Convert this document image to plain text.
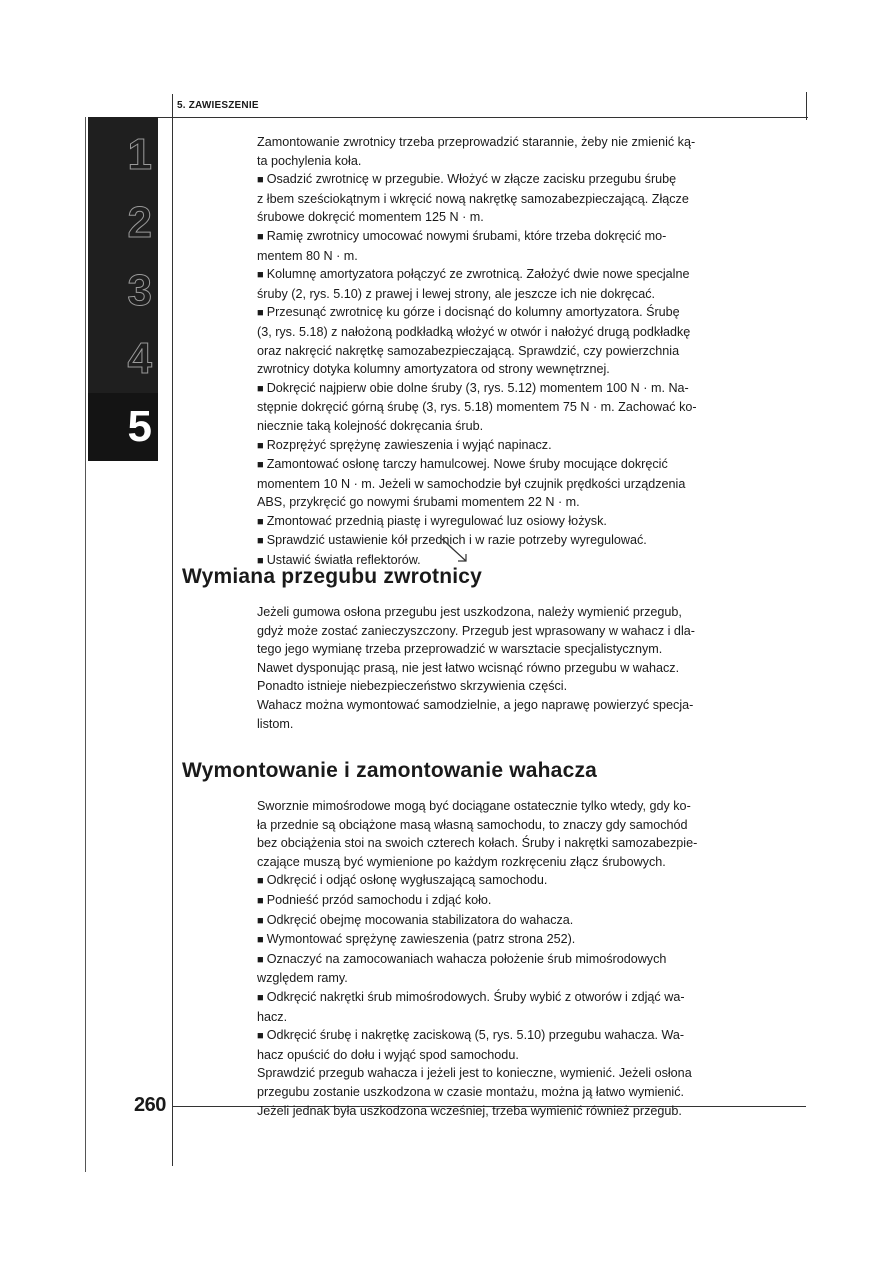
5. ZAWIESZENIE
1
2
3
4
5

Zamontowanie zwrotnicy trzeba przeprowadzić starannie, żeby nie zmienić ką-

ta pochylenia koła.

■ Osadzić zwrotnicę w przegubie. Włożyć w złącze zacisku przegubu śrubę

z łbem sześciokątnym i wkręcić nową nakrętkę samozabezpieczającą. Złącze

śrubowe dokręcić momentem 125 N · m.

■ Ramię zwrotnicy umocować nowymi śrubami, które trzeba dokręcić mo-

mentem 80 N · m.

■ Kolumnę amortyzatora połączyć ze zwrotnicą. Założyć dwie nowe specjalne

śruby (2, rys. 5.10) z prawej i lewej strony, ale jeszcze ich nie dokręcać.

■ Przesunąć zwrotnicę ku górze i docisnąć do kolumny amortyzatora. Śrubę

(3, rys. 5.18) z nałożoną podkładką włożyć w otwór i nałożyć drugą podkładkę

oraz nakręcić nakrętkę samozabezpieczającą. Sprawdzić, czy powierzchnia

zwrotnicy dotyka kolumny amortyzatora od strony wewnętrznej.

■ Dokręcić najpierw obie dolne śruby (3, rys. 5.12) momentem 100 N · m. Na-

stępnie dokręcić górną śrubę (3, rys. 5.18) momentem 75 N · m. Zachować ko-

niecznie taką kolejność dokręcania śrub.

■ Rozprężyć sprężynę zawieszenia i wyjąć napinacz.

■ Zamontować osłonę tarczy hamulcowej. Nowe śruby mocujące dokręcić

momentem 10 N · m. Jeżeli w samochodzie był czujnik prędkości urządzenia

ABS, przykręcić go nowymi śrubami momentem 22 N · m.

■ Zmontować przednią piastę i wyregulować luz osiowy łożysk.

■ Sprawdzić ustawienie kół przednich i w razie potrzeby wyregulować.

■ Ustawić światła reflektorów.

Wymiana przegubu zwrotnicy

Jeżeli gumowa osłona przegubu jest uszkodzona, należy wymienić przegub,

gdyż może zostać zanieczyszczony. Przegub jest wprasowany w wahacz i dla-

tego jego wymianę trzeba przeprowadzić w warsztacie specjalistycznym.

Nawet dysponując prasą, nie jest łatwo wcisnąć równo przegubu w wahacz.

Ponadto istnieje niebezpieczeństwo skrzywienia części.

Wahacz można wymontować samodzielnie, a jego naprawę powierzyć specja-

listom.

Wymontowanie i zamontowanie wahacza

Sworznie mimośrodowe mogą być dociągane ostatecznie tylko wtedy, gdy ko-

ła przednie są obciążone masą własną samochodu, to znaczy gdy samochód

bez obciążenia stoi na swoich czterech kołach. Śruby i nakrętki samozabezpie-

czające muszą być wymienione po każdym rozkręceniu złącz śrubowych.

■ Odkręcić i odjąć osłonę wygłuszającą samochodu.

■ Podnieść przód samochodu i zdjąć koło.

■ Odkręcić obejmę mocowania stabilizatora do wahacza.

■ Wymontować sprężynę zawieszenia (patrz strona 252).

■ Oznaczyć na zamocowaniach wahacza położenie śrub mimośrodowych

względem ramy.

■ Odkręcić nakrętki śrub mimośrodowych. Śruby wybić z otworów i zdjąć wa-

hacz.

■ Odkręcić śrubę i nakrętkę zaciskową (5, rys. 5.10) przegubu wahacza. Wa-

hacz opuścić do dołu i wyjąć spod samochodu.

Sprawdzić przegub wahacza i jeżeli jest to konieczne, wymienić. Jeżeli osłona

przegubu zostanie uszkodzona w czasie montażu, można ją łatwo wymienić.

Jeżeli jednak była uszkodzona wcześniej, trzeba wymienić również przegub.

260
